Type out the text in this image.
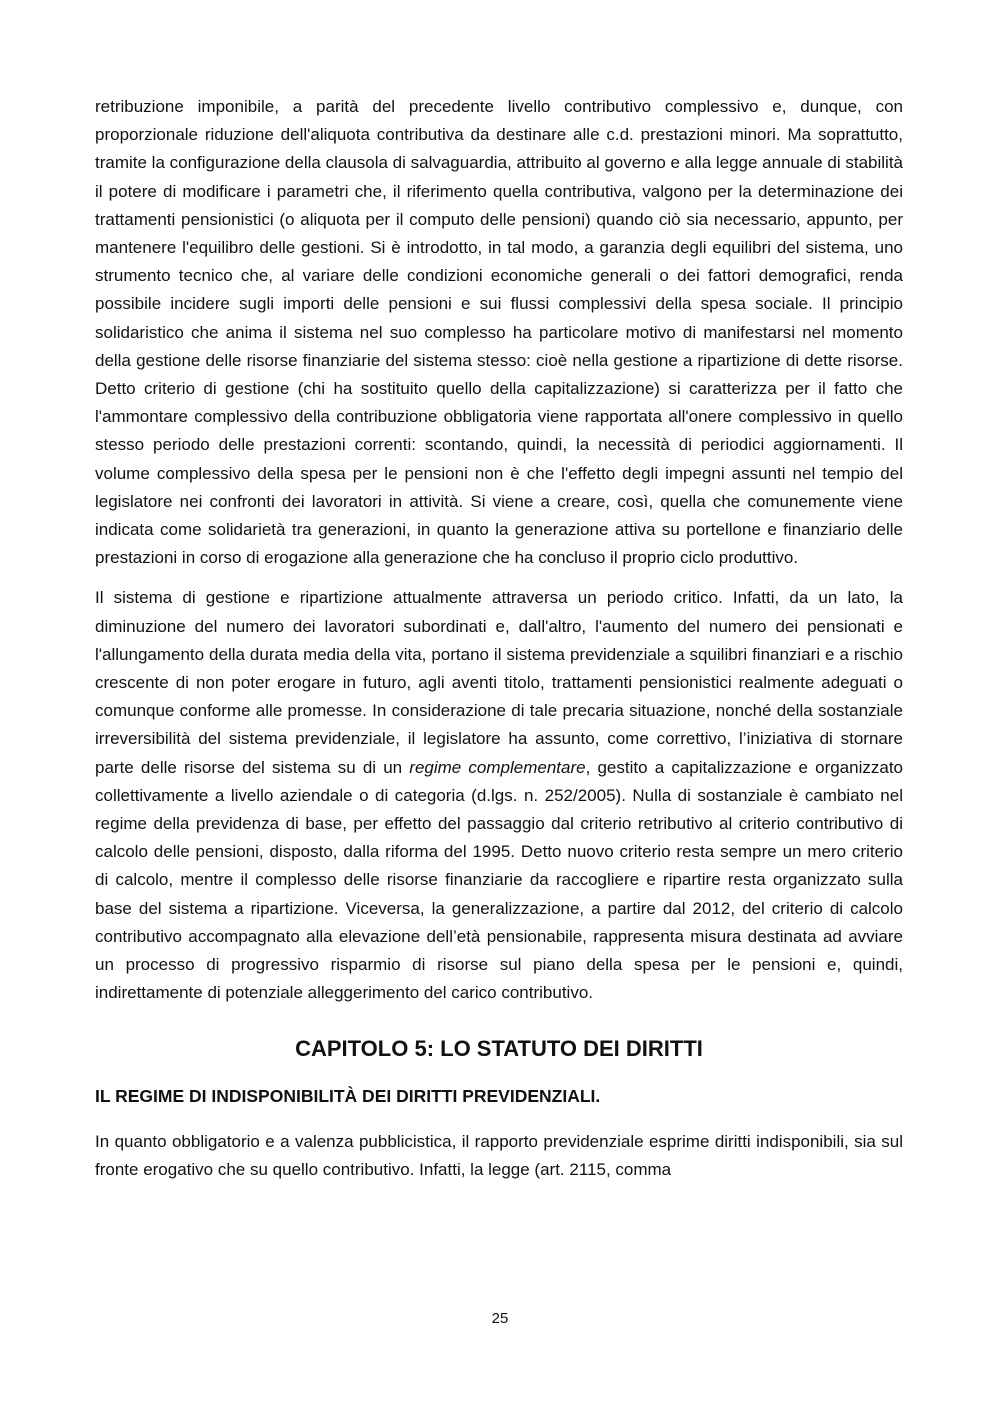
retribuzione imponibile, a parità del precedente livello contributivo complessivo e, dunque, con proporzionale riduzione dell'aliquota contributiva da destinare alle c.d. prestazioni minori. Ma soprattutto, tramite la configurazione della clausola di salvaguardia, attribuito al governo e alla legge annuale di stabilità il potere di modificare i parametri che, il riferimento quella contributiva, valgono per la determinazione dei trattamenti pensionistici (o aliquota per il computo delle pensioni) quando ciò sia necessario, appunto, per mantenere l'equilibro delle gestioni. Si è introdotto, in tal modo, a garanzia degli equilibri del sistema, uno strumento tecnico che, al variare delle condizioni economiche generali o dei fattori demografici, renda possibile incidere sugli importi delle pensioni e sui flussi complessivi della spesa sociale. Il principio solidaristico che anima il sistema nel suo complesso ha particolare motivo di manifestarsi nel momento della gestione delle risorse finanziarie del sistema stesso: cioè nella gestione a ripartizione di dette risorse. Detto criterio di gestione (chi ha sostituito quello della capitalizzazione) si caratterizza per il fatto che l'ammontare complessivo della contribuzione obbligatoria viene rapportata all'onere complessivo in quello stesso periodo delle prestazioni correnti: scontando, quindi, la necessità di periodici aggiornamenti. Il volume complessivo della spesa per le pensioni non è che l'effetto degli impegni assunti nel tempio del legislatore nei confronti dei lavoratori in attività. Si viene a creare, così, quella che comunemente viene indicata come solidarietà tra generazioni, in quanto la generazione attiva su portellone e finanziario delle prestazioni in corso di erogazione alla generazione che ha concluso il proprio ciclo produttivo.

Il sistema di gestione e ripartizione attualmente attraversa un periodo critico. Infatti, da un lato, la diminuzione del numero dei lavoratori subordinati e, dall'altro, l'aumento del numero dei pensionati e l'allungamento della durata media della vita, portano il sistema previdenziale a squilibri finanziari e a rischio crescente di non poter erogare in futuro, agli aventi titolo, trattamenti pensionistici realmente adeguati o comunque conforme alle promesse. In considerazione di tale precaria situazione, nonché della sostanziale irreversibilità del sistema previdenziale, il legislatore ha assunto, come correttivo, l’iniziativa di stornare parte delle risorse del sistema su di un regime complementare, gestito a capitalizzazione e organizzato collettivamente a livello aziendale o di categoria (d.lgs. n. 252/2005). Nulla di sostanziale è cambiato nel regime della previdenza di base, per effetto del passaggio dal criterio retributivo al criterio contributivo di calcolo delle pensioni, disposto, dalla riforma del 1995. Detto nuovo criterio resta sempre un mero criterio di calcolo, mentre il complesso delle risorse finanziarie da raccogliere e ripartire resta organizzato sulla base del sistema a ripartizione. Viceversa, la generalizzazione, a partire dal 2012, del criterio di calcolo contributivo accompagnato alla elevazione dell’età pensionabile, rappresenta misura destinata ad avviare un processo di progressivo risparmio di risorse sul piano della spesa per le pensioni e, quindi, indirettamente di potenziale alleggerimento del carico contributivo.

CAPITOLO 5: LO STATUTO DEI DIRITTI
IL REGIME DI INDISPONIBILITÀ DEI DIRITTI PREVIDENZIALI.

In quanto obbligatorio e a valenza pubblicistica, il rapporto previdenziale esprime diritti indisponibili, sia sul fronte erogativo che su quello contributivo. Infatti, la legge (art. 2115, comma

25
